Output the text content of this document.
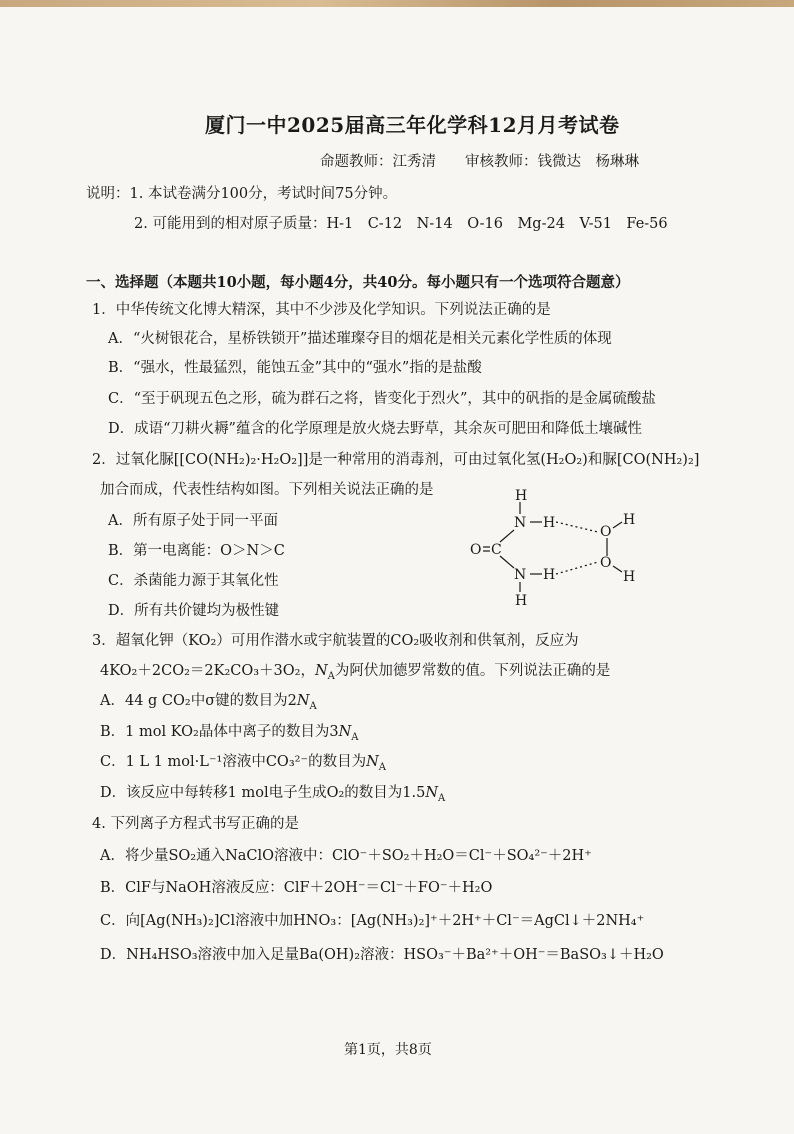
厦门一中2025届高三年化学科12月月考试卷
命题教师：江秀清　　审核教师：钱微达　杨琳琳
说明：1. 本试卷满分100分，考试时间75分钟。
2. 可能用到的相对原子质量：H-1　C-12　N-14　O-16　Mg-24　V-51　Fe-56
一、选择题（本题共10小题，每小题4分，共40分。每小题只有一个选项符合题意）
1．中华传统文化博大精深，其中不少涉及化学知识。下列说法正确的是
A．“火树银花合，星桥铁锁开”描述璀璨夺目的烟花是相关元素化学性质的体现
B．“强水，性最猛烈，能蚀五金”其中的“强水”指的是盐酸
C．“至于矾现五色之形，硫为群石之将，皆变化于烈火”，其中的矾指的是金属硫酸盐
D．成语“刀耕火耨”蕴含的化学原理是放火烧去野草，其余灰可肥田和降低土壤碱性
2．过氧化脲[[CO(NH₂)₂·H₂O₂]]是一种常用的消毒剂，可由过氧化氢(H₂O₂)和脲[CO(NH₂)₂]
加合而成，代表性结构如图。下列相关说法正确的是
A．所有原子处于同一平面
B．第一电离能：O＞N＞C
C．杀菌能力源于其氧化性
D．所有共价键均为极性键
H
N H
O
H
O
O
H
N H
H
C
3．超氧化钾（KO₂）可用作潜水或宇航装置的CO₂吸收剂和供氧剂，反应为
4KO₂＋2CO₂＝2K₂CO₃＋3O₂，$N_A$为阿伏加德罗常数的值。下列说法正确的是
A．44 g CO₂中σ键的数目为$2N_A$
B．1 mol KO₂晶体中离子的数目为$3N_A$
C．1 L 1 mol·L⁻¹溶液中CO₃²⁻的数目为$N_A$
D．该反应中每转移1 mol电子生成O₂的数目为$1.5N_A$
4. 下列离子方程式书写正确的是
A．将少量SO₂通入NaClO溶液中：ClO⁻＋SO₂＋H₂O＝Cl⁻＋SO₄²⁻＋2H⁺
B．ClF与NaOH溶液反应：ClF＋2OH⁻＝Cl⁻＋FO⁻＋H₂O
C．向[Ag(NH₃)₂]Cl溶液中加HNO₃：[Ag(NH₃)₂]⁺＋2H⁺＋Cl⁻＝AgCl↓＋2NH₄⁺
D．NH₄HSO₃溶液中加入足量Ba(OH)₂溶液：HSO₃⁻＋Ba²⁺＋OH⁻＝BaSO₃↓＋H₂O
第1页，共8页
